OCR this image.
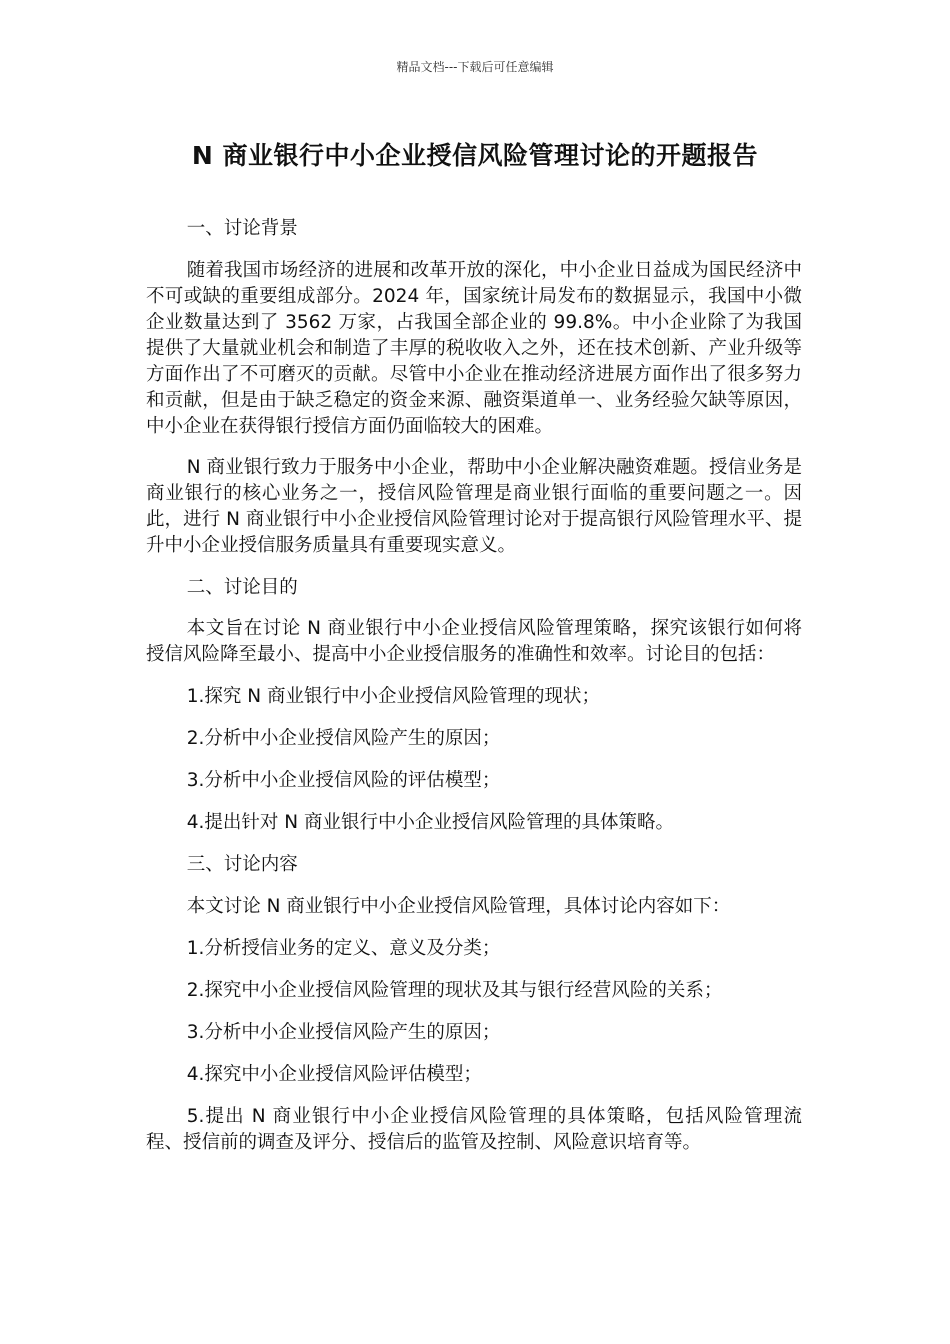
精品文档---下载后可任意编辑
N 商业银行中小企业授信风险管理讨论的开题报告

一、讨论背景

随着我国市场经济的进展和改革开放的深化，中小企业日益成为国民经济中不可或缺的重要组成部分。2024 年，国家统计局发布的数据显示，我国中小微企业数量达到了 3562 万家，占我国全部企业的 99.8%。中小企业除了为我国提供了大量就业机会和制造了丰厚的税收收入之外，还在技术创新、产业升级等方面作出了不可磨灭的贡献。尽管中小企业在推动经济进展方面作出了很多努力和贡献，但是由于缺乏稳定的资金来源、融资渠道单一、业务经验欠缺等原因，中小企业在获得银行授信方面仍面临较大的困难。

N 商业银行致力于服务中小企业，帮助中小企业解决融资难题。授信业务是商业银行的核心业务之一，授信风险管理是商业银行面临的重要问题之一。因此，进行 N 商业银行中小企业授信风险管理讨论对于提高银行风险管理水平、提升中小企业授信服务质量具有重要现实意义。

二、讨论目的

本文旨在讨论 N 商业银行中小企业授信风险管理策略，探究该银行如何将授信风险降至最小、提高中小企业授信服务的准确性和效率。讨论目的包括：

1.探究 N 商业银行中小企业授信风险管理的现状；

2.分析中小企业授信风险产生的原因；

3.分析中小企业授信风险的评估模型；

4.提出针对 N 商业银行中小企业授信风险管理的具体策略。

三、讨论内容

本文讨论 N 商业银行中小企业授信风险管理，具体讨论内容如下：

1.分析授信业务的定义、意义及分类；

2.探究中小企业授信风险管理的现状及其与银行经营风险的关系；

3.分析中小企业授信风险产生的原因；

4.探究中小企业授信风险评估模型；

5.提出 N 商业银行中小企业授信风险管理的具体策略，包括风险管理流程、授信前的调查及评分、授信后的监管及控制、风险意识培育等。
